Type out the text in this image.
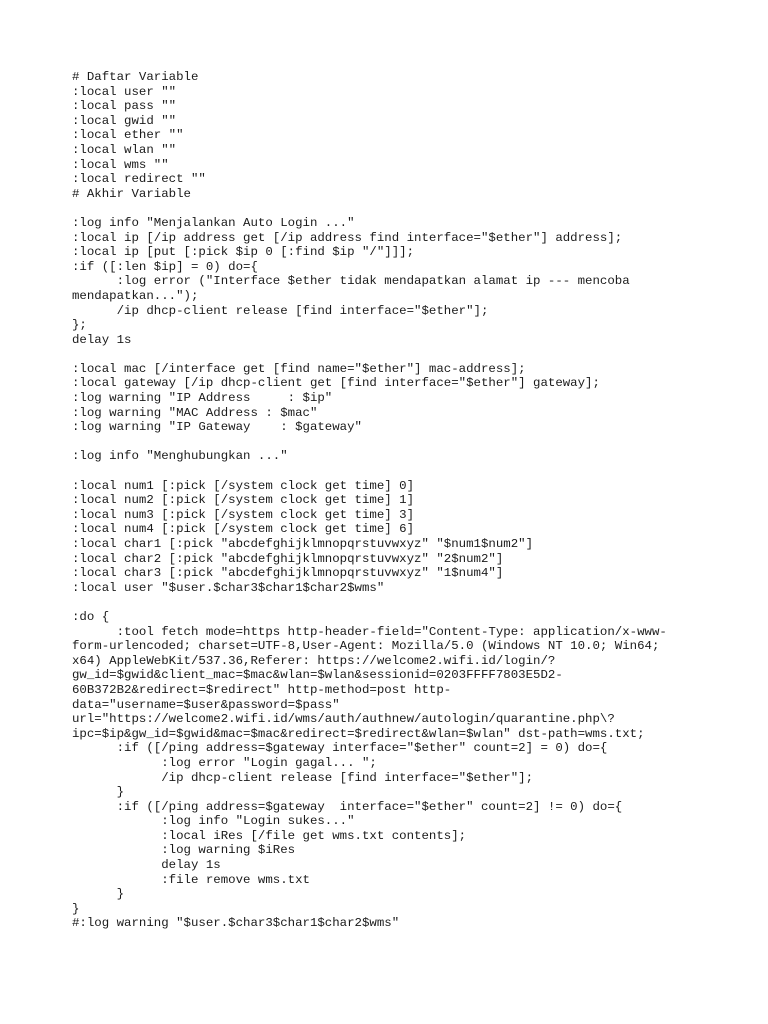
# Daftar Variable
:local user ""
:local pass ""
:local gwid ""
:local ether ""
:local wlan ""
:local wms ""
:local redirect ""
# Akhir Variable
:log info "Menjalankan Auto Login ..."
:local ip [/ip address get [/ip address find interface="$ether"] address];
:local ip [put [:pick $ip 0 [:find $ip "/"]]];
:if ([:len $ip] = 0) do={
:log error ("Interface $ether tidak mendapatkan alamat ip --- mencoba
mendapatkan...");
/ip dhcp-client release [find interface="$ether"];
};
delay 1s
:local mac [/interface get [find name="$ether"] mac-address];
:local gateway [/ip dhcp-client get [find interface="$ether"] gateway];
:log warning "IP Address     : $ip"
:log warning "MAC Address : $mac"
:log warning "IP Gateway    : $gateway"
:log info "Menghubungkan ..."
:local num1 [:pick [/system clock get time] 0]
:local num2 [:pick [/system clock get time] 1]
:local num3 [:pick [/system clock get time] 3]
:local num4 [:pick [/system clock get time] 6]
:local char1 [:pick "abcdefghijklmnopqrstuvwxyz" "$num1$num2"]
:local char2 [:pick "abcdefghijklmnopqrstuvwxyz" "2$num2"]
:local char3 [:pick "abcdefghijklmnopqrstuvwxyz" "1$num4"]
:local user "$user.$char3$char1$char2$wms"
:do {
:tool fetch mode=https http-header-field="Content-Type: application/x-www-
form-urlencoded; charset=UTF-8,User-Agent: Mozilla/5.0 (Windows NT 10.0; Win64;
x64) AppleWebKit/537.36,Referer: https://welcome2.wifi.id/login/?
gw_id=$gwid&client_mac=$mac&wlan=$wlan&sessionid=0203FFFF7803E5D2-
60B372B2&redirect=$redirect" http-method=post http-
data="username=$user&password=$pass"
url="https://welcome2.wifi.id/wms/auth/authnew/autologin/quarantine.php\?
ipc=$ip&gw_id=$gwid&mac=$mac&redirect=$redirect&wlan=$wlan" dst-path=wms.txt;
:if ([/ping address=$gateway interface="$ether" count=2] = 0) do={
:log error "Login gagal... ";
/ip dhcp-client release [find interface="$ether"];
}
:if ([/ping address=$gateway  interface="$ether" count=2] != 0) do={
:log info "Login sukes..."
:local iRes [/file get wms.txt contents];
:log warning $iRes
delay 1s
:file remove wms.txt
}
}
#:log warning "$user.$char3$char1$char2$wms"
